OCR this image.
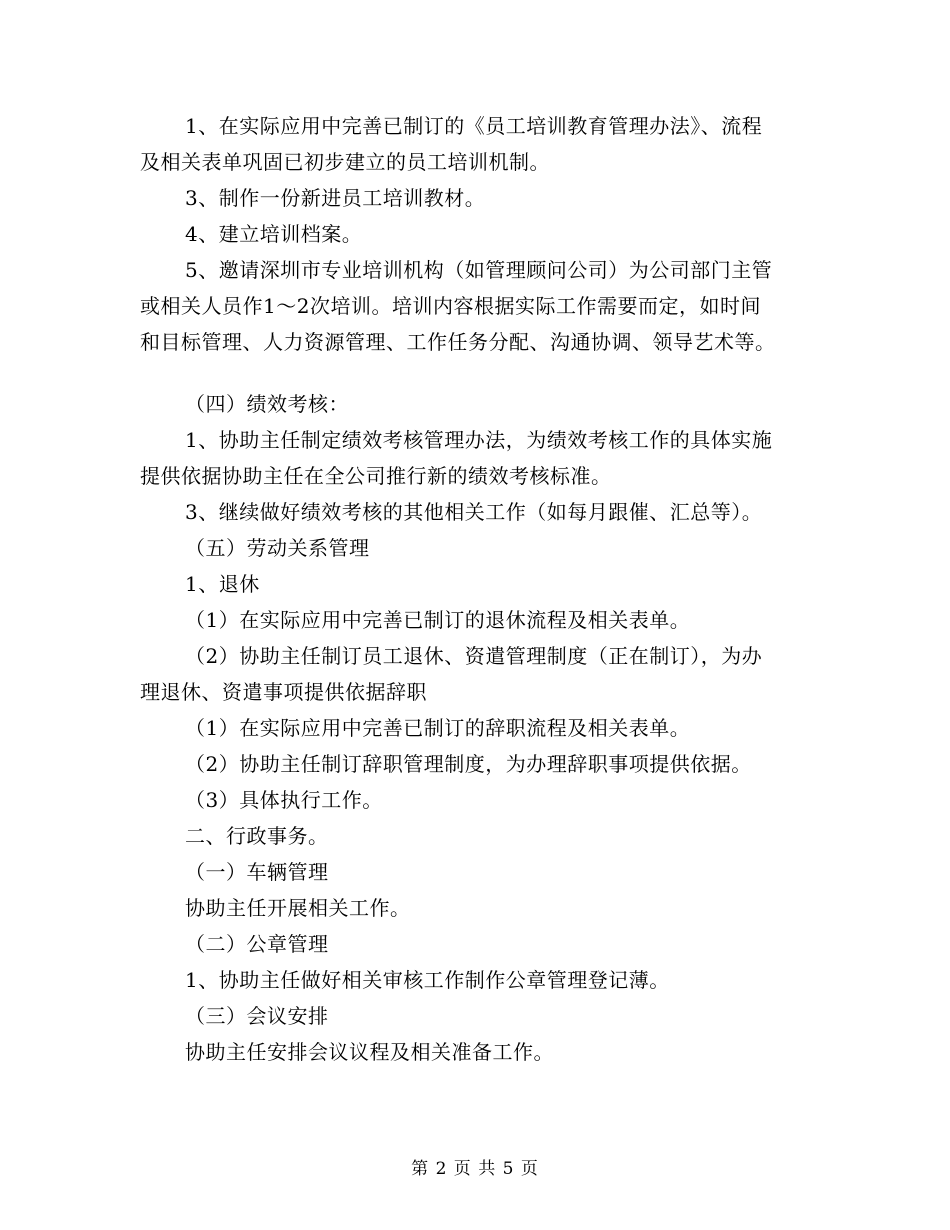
1、在实际应用中完善已制订的《员工培训教育管理办法》、流程
及相关表单巩固已初步建立的员工培训机制。
3、制作一份新进员工培训教材。
4、建立培训档案。
5、邀请深圳市专业培训机构（如管理顾问公司）为公司部门主管
或相关人员作1～2次培训。培训内容根据实际工作需要而定，如时间
和目标管理、人力资源管理、工作任务分配、沟通协调、领导艺术等。
（四）绩效考核：
1、协助主任制定绩效考核管理办法，为绩效考核工作的具体实施
提供依据协助主任在全公司推行新的绩效考核标准。
3、继续做好绩效考核的其他相关工作（如每月跟催、汇总等）。
（五）劳动关系管理
1、退休
（1）在实际应用中完善已制订的退休流程及相关表单。
（2）协助主任制订员工退休、资遣管理制度（正在制订），为办
理退休、资遣事项提供依据辞职
（1）在实际应用中完善已制订的辞职流程及相关表单。
（2）协助主任制订辞职管理制度，为办理辞职事项提供依据。
（3）具体执行工作。
二、行政事务。
（一）车辆管理
协助主任开展相关工作。
（二）公章管理
1、协助主任做好相关审核工作制作公章管理登记薄。
（三）会议安排
协助主任安排会议议程及相关准备工作。
第 2 页 共 5 页
